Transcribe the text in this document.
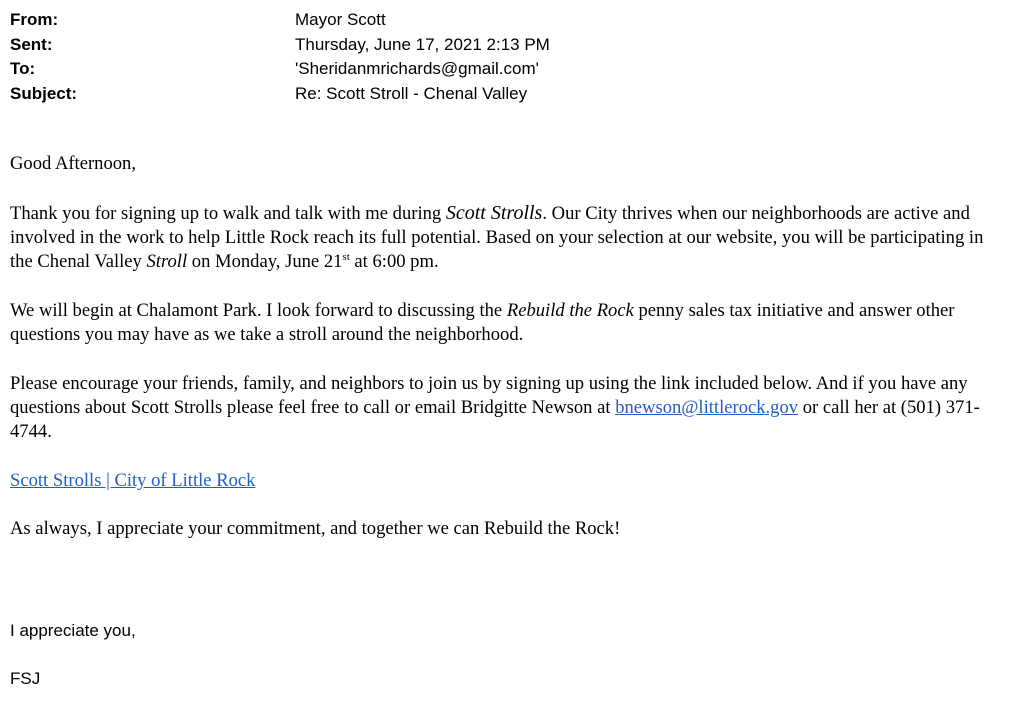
From:	Mayor Scott
Sent:	Thursday, June 17, 2021 2:13 PM
To:	'Sheridanmrichards@gmail.com'
Subject:	Re: Scott Stroll - Chenal Valley

Good Afternoon,

Thank you for signing up to walk and talk with me during Scott Strolls. Our City thrives when our neighborhoods are active and involved in the work to help Little Rock reach its full potential. Based on your selection at our website, you will be participating in the Chenal Valley Stroll on Monday, June 21st at 6:00 pm.

We will begin at Chalamont Park. I look forward to discussing the Rebuild the Rock penny sales tax initiative and answer other questions you may have as we take a stroll around the neighborhood.

Please encourage your friends, family, and neighbors to join us by signing up using the link included below. And if you have any questions about Scott Strolls please feel free to call or email Bridgitte Newson at bnewson@littlerock.gov or call her at (501) 371-4744.

Scott Strolls | City of Little Rock

As always, I appreciate your commitment, and together we can Rebuild the Rock!

I appreciate you,
FSJ
